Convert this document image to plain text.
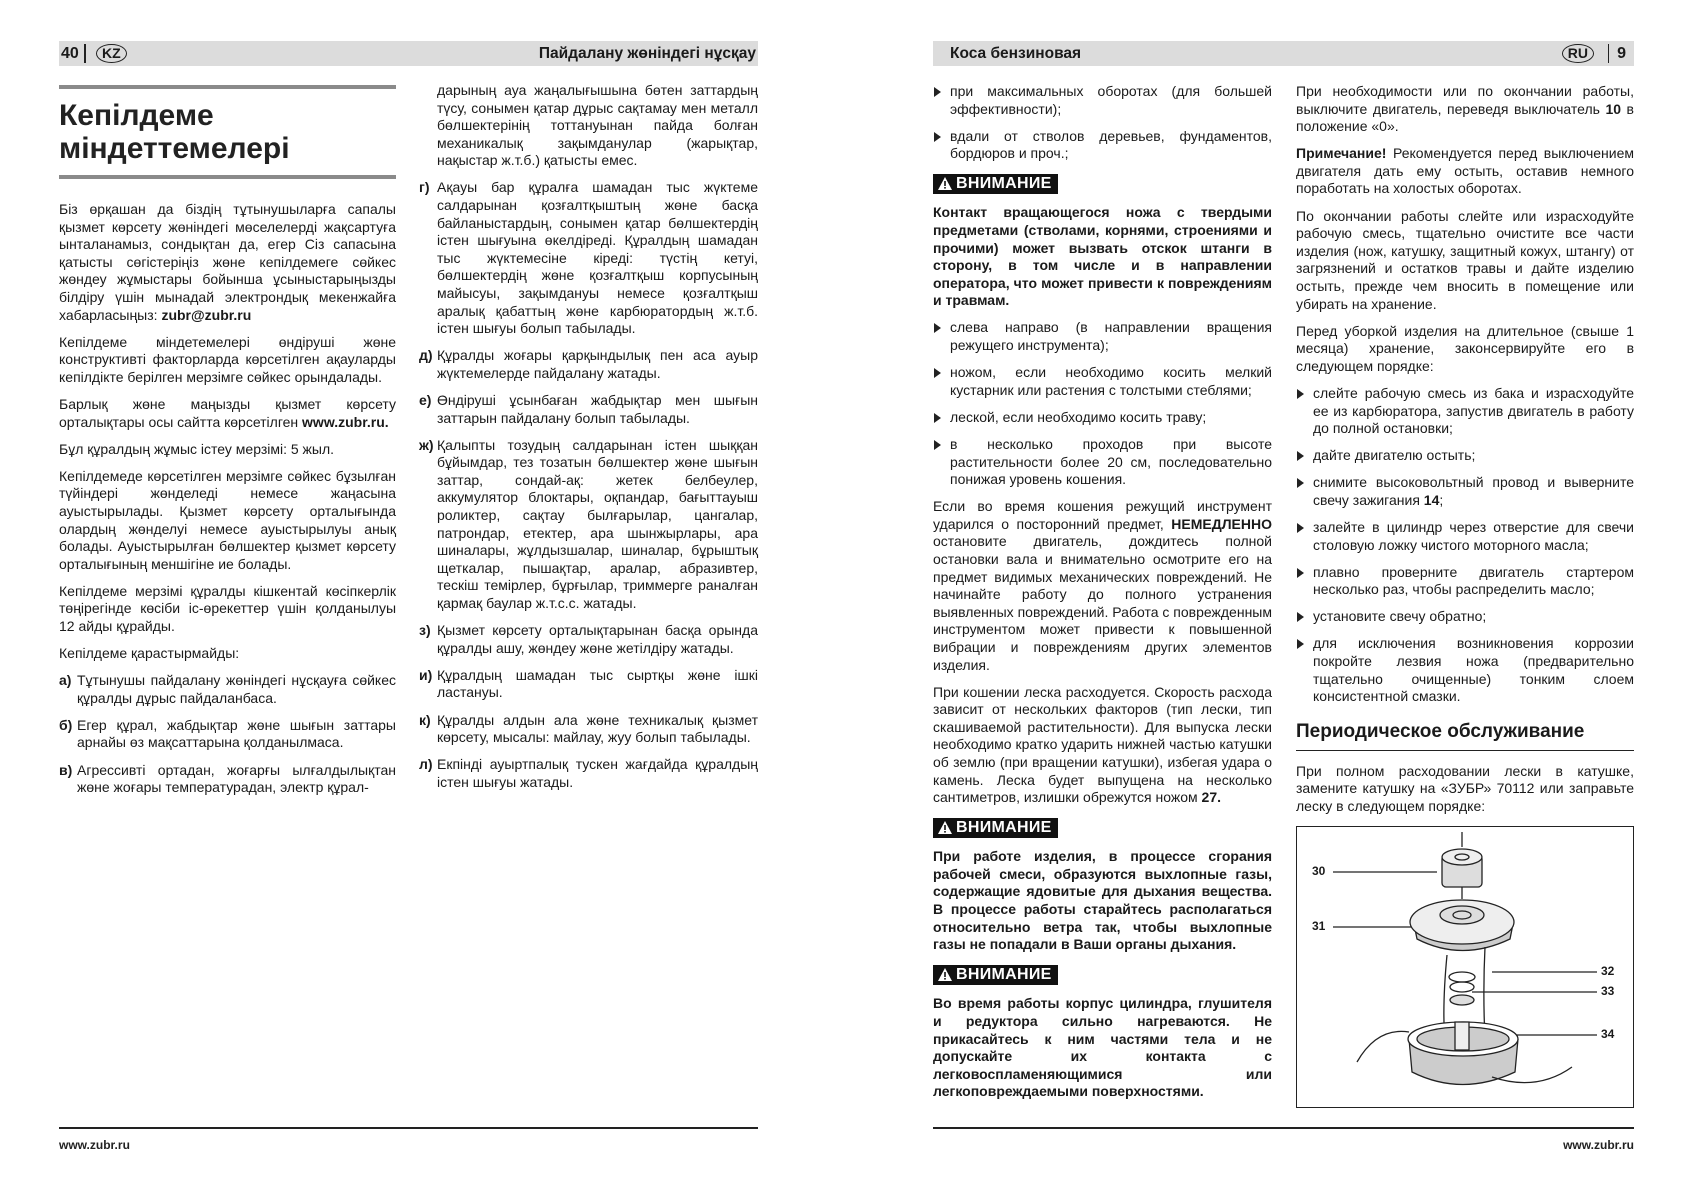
40	KZ	Пайдалану жөніндегі нұсқау
Кепілдеме
міндеттемелері
Біз өрқашан да біздің тұтынушыларға сапалы қызмет көрсету жөніндегі мөселелерді жақсартуға ынталанамыз, сондықтан да, егер Сіз сапасына қатысты сөгістеріңіз жөне кепілдемеге сөйкес жөндеу жұмыстары бойынша ұсыныстарыңызды білдіру үшін мынадай электрондық мекенжайға хабарласыңыз: zubr@zubr.ru
Кепілдеме міндетемелері өндіруші жөне конструктивті факторларда көрсетілген ақауларды кепілдікте берілген мерзімге сөйкес орындалады.
Барлық жөне маңызды қызмет көрсету орталықтары осы сайтта көрсетілген www.zubr.ru.
Бұл құралдың жұмыс істеу мерзімі: 5 жыл.
Кепілдемеде көрсетілген мерзімге сөйкес бұзылған түйіндері жөнделеді немесе жаңасына ауыстырылады. Қызмет көрсету орталығында олардың жөнделуі немесе ауыстырылуы анық болады. Ауыстырылған бөлшектер қызмет көрсету орталығының меншігіне ие болады.
Кепілдеме мерзімі құралды кішкентай көсіпкерлік төңірегінде көсіби іс-өрекеттер үшін қолданылуы 12 айды құрайды.
Кепілдеме қарастырмайды:
а) Тұтынушы пайдалану жөніндегі нұсқауға сөйкес құралды дұрыс пайдаланбаса.
б) Егер құрал, жабдықтар жөне шығын заттары арнайы өз мақсаттарына қолданылмаса.
в) Агрессивті ортадан, жоғарғы ылғалдылықтан жөне жоғары температурадан, электр құрал-
дарының ауа жаңалығышына бөтен заттардың түсу, сонымен қатар дұрыс сақтамау мен металл бөлшектерінің тоттануынан пайда болған механикалық зақымданулар (жарықтар, нақыстар ж.т.б.) қатысты емес.
г) Ақауы бар құралға шамадан тыс жүктеме салдарынан қозғалтқыштың жөне басқа байланыстардың, сонымен қатар бөлшектердің істен шығуына өкелдіреді. Құралдың шамадан тыс жүктемесіне кіреді: түстің кетуі, бөлшектердің жөне қозғалтқыш корпусының майысуы, зақымдануы немесе қозғалтқыш аралық қабаттың жөне карбюратордың ж.т.б. істен шығуы болып табылады.
д) Құралды жоғары қарқындылық пен аса ауыр жүктемелерде пайдалану жатады.
е) Өндіруші ұсынбаған жабдықтар мен шығын заттарын пайдалану болып табылады.
ж) Қалыпты тозудың салдарынан істен шыққан бұйымдар, тез тозатын бөлшектер жөне шығын заттар, сондай-ақ: жетек белбеулер, аккумулятор блоктары, оқпандар, бағыттауыш роликтер, сақтау былғарылар, цангалар, патрондар, етектер, ара шынжырлары, ара шиналары, жұлдызшалар, шиналар, бұрыштық щеткалар, пышақтар, аралар, абразивтер, тескіш темірлер, бұрғылар, триммерге раналған қармақ баулар ж.т.с.с. жатады.
з) Қызмет көрсету орталықтарынан басқа орында құралды ашу, жөндеу жөне жетілдіру жатады.
и) Құралдың шамадан тыс сыртқы жөне ішкі ластануы.
к) Құралды алдын ала жөне техникалық қызмет көрсету, мысалы: майлау, жуу болып табылады.
л) Екпінді ауыртпалық тускен жағдайда құралдың істен шығуы жатады.
www.zubr.ru
Коса бензиновая	RU	9
при максимальных оборотах (для большей эффективности);
вдали от стволов деревьев, фундаментов, бордюров и проч.;
ВНИМАНИЕ
Контакт вращающегося ножа с твердыми предметами (стволами, корнями, строениями и прочими) может вызвать отскок штанги в сторону, в том числе и в направлении оператора, что может привести к повреждениям и травмам.
слева направо (в направлении вращения режущего инструмента);
ножом, если необходимо косить мелкий кустарник или растения с толстыми стеблями;
леской, если необходимо косить траву;
в несколько проходов при высоте растительности более 20 см, последовательно понижая уровень кошения.
Если во время кошения режущий инструмент ударился о посторонний предмет, НЕМЕДЛЕННО остановите двигатель, дождитесь полной остановки вала и внимательно осмотрите его на предмет видимых механических повреждений. Не начинайте работу до полного устранения выявленных повреждений. Работа с поврежденным инструментом может привести к повышенной вибрации и повреждениям других элементов изделия.
При кошении леска расходуется. Скорость расхода зависит от нескольких факторов (тип лески, тип скашиваемой растительности). Для выпуска лески необходимо кратко ударить нижней частью катушки об землю (при вращении катушки), избегая удара о камень. Леска будет выпущена на несколько сантиметров, излишки обрежутся ножом 27.
ВНИМАНИЕ
При работе изделия, в процессе сгорания рабочей смеси, образуются выхлопные газы, содержащие ядовитые для дыхания вещества. В процессе работы старайтесь располагаться относительно ветра так, чтобы выхлопные газы не попадали в Ваши органы дыхания.
ВНИМАНИЕ
Во время работы корпус цилиндра, глушителя и редуктора сильно нагреваются. Не прикасайтесь к ним частями тела и не допускайте их контакта с легковоспламеняющимися или легкоповреждаемыми поверхностями.
При необходимости или по окончании работы, выключите двигатель, переведя выключатель 10 в положение «0».
Примечание! Рекомендуется перед выключением двигателя дать ему остыть, оставив немного поработать на холостых оборотах.
По окончании работы слейте или израсходуйте рабочую смесь, тщательно очистите все части изделия (нож, катушку, защитный кожух, штангу) от загрязнений и остатков травы и дайте изделию остыть, прежде чем вносить в помещение или убирать на хранение.
Перед уборкой изделия на длительное (свыше 1 месяца) хранение, законсервируйте его в следующем порядке:
слейте рабочую смесь из бака и израсходуйте ее из карбюратора, запустив двигатель в работу до полной остановки;
дайте двигателю остыть;
снимите высоковольтный провод и выверните свечу зажигания 14;
залейте в цилиндр через отверстие для свечи столовую ложку чистого моторного масла;
плавно проверните двигатель стартером несколько раз, чтобы распределить масло;
установите свечу обратно;
для исключения возникновения коррозии покройте лезвия ножа (предварительно тщательно очищенные) тонким слоем консистентной смазки.
Периодическое обслуживание
При полном расходовании лески в катушке, замените катушку на «ЗУБР» 70112 или заправьте леску в следующем порядке:
30
31
32
33
34
www.zubr.ru
